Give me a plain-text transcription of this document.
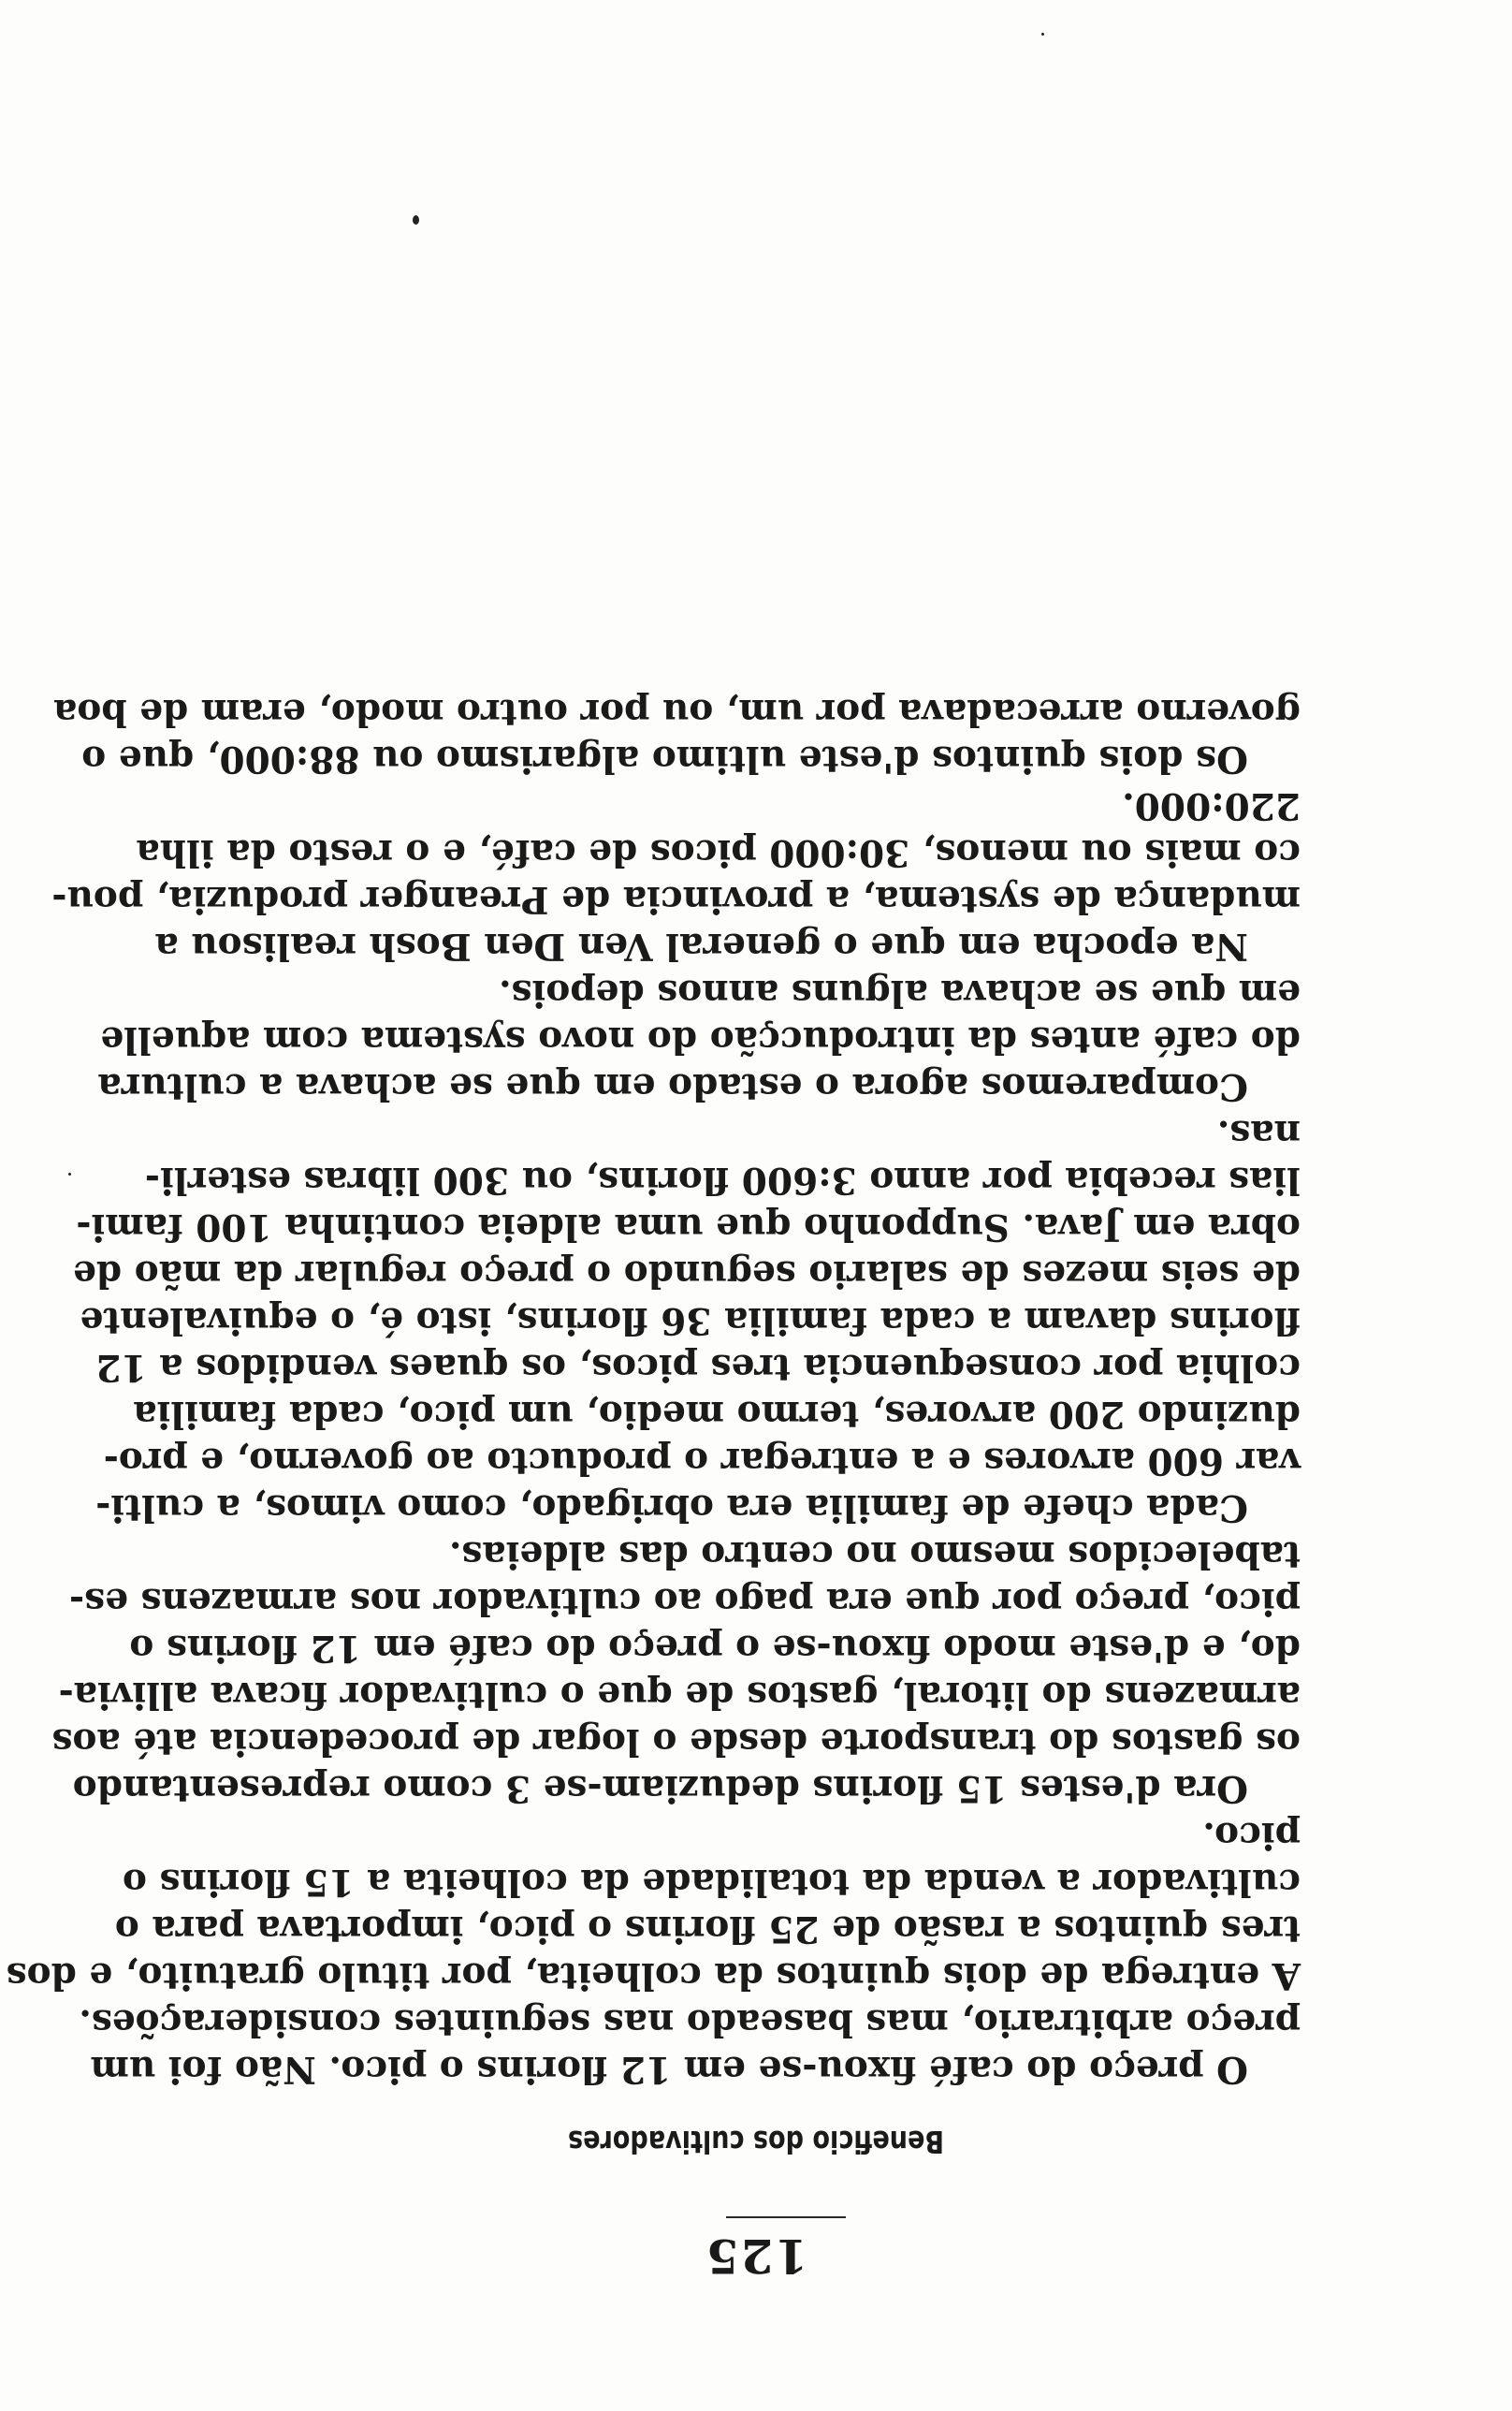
125
Beneficio dos cultivadores
O preço do café fixou-se em 12 florins o pico. Não foi um
preço arbitrario, mas baseado nas seguintes considerações.
A entrega de dois quintos da colheita, por titulo gratuito, e dos
tres quintos a rasão de 25 florins o pico, importava para o
cultivador a venda da totalidade da colheita a 15 florins o
pico.
Ora d'estes 15 florins deduziam-se 3 como representando
os gastos do transporte desde o logar de procedencia até aos
armazens do litoral, gastos de que o cultivador ficava allivia-
do, e d'este modo fixou-se o preço do café em 12 florins o
pico, preço por que era pago ao cultivador nos armazens es-
tabelecidos mesmo no centro das aldeias.
Cada chefe de familia era obrigado, como vimos, a culti-
var 600 arvores e a entregar o producto ao governo, e pro-
duzindo 200 arvores, termo medio, um pico, cada familia
colhia por consequencia tres picos, os quaes vendidos a 12
florins davam a cada familia 36 florins, isto é, o equivalente
de seis mezes de salario segundo o preço regular da mão de
obra em Java. Supponho que uma aldeia continha 100 fami-
lias recebia por anno 3:600 florins, ou 300 libras esterli-
nas.
Comparemos agora o estado em que se achava a cultura
do café antes da introducção do novo systema com aquelle
em que se achava alguns annos depois.
Na epocha em que o general Ven Den Bosh realisou a
mudança de systema, a provincia de Preanger produzia, pou-
co mais ou menos, 30:000 picos de café, e o resto da ilha
220:000.
Os dois quintos d'este ultimo algarismo ou 88:000, que o
governo arrecadava por um, ou por outro modo, eram de boa
